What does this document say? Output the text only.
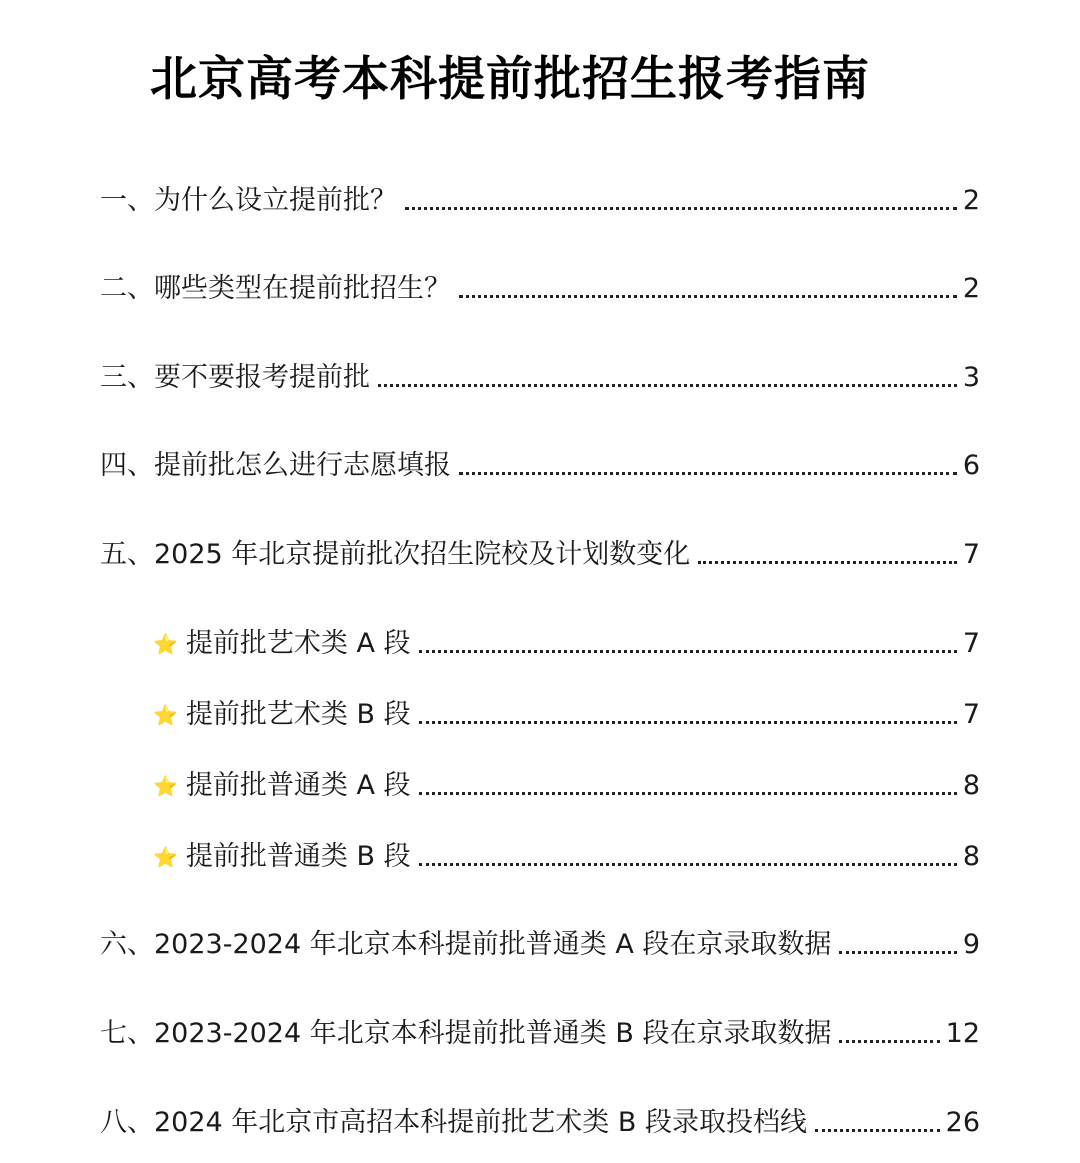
北京高考本科提前批招生报考指南
一、为什么设立提前批？	2
二、哪些类型在提前批招生？	2
三、要不要报考提前批	3
四、提前批怎么进行志愿填报	6
五、2025 年北京提前批次招生院校及计划数变化	7
⭐ 提前批艺术类 A 段	7
⭐ 提前批艺术类 B 段	7
⭐ 提前批普通类 A 段	8
⭐ 提前批普通类 B 段	8
六、2023-2024 年北京本科提前批普通类 A 段在京录取数据	9
七、2023-2024 年北京本科提前批普通类 B 段在京录取数据	12
八、2024 年北京市高招本科提前批艺术类 B 段录取投档线	26
